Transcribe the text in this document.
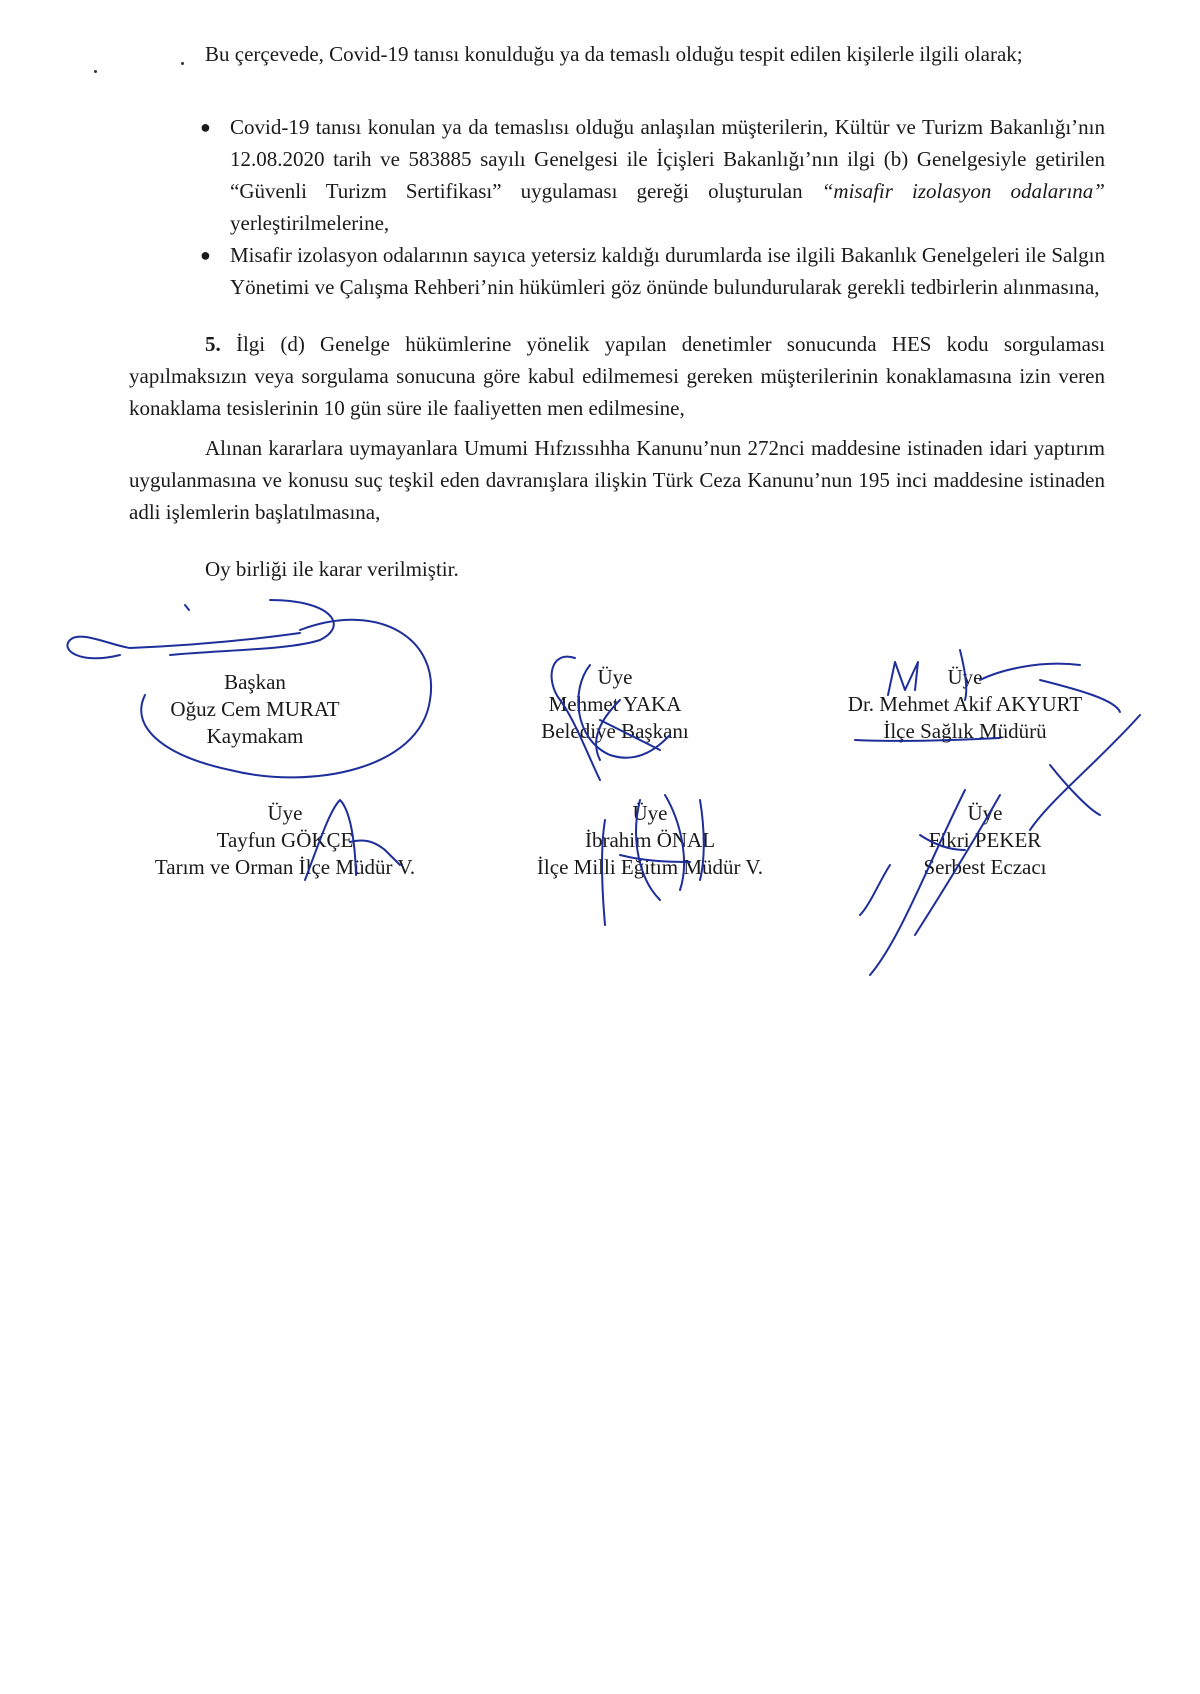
Bu çerçevede, Covid-19 tanısı konulduğu ya da temaslı olduğu tespit edilen kişilerle ilgili olarak;

● Covid-19 tanısı konulan ya da temaslısı olduğu anlaşılan müşterilerin, Kültür ve Turizm Bakanlığı’nın 12.08.2020 tarih ve 583885 sayılı Genelgesi ile İçişleri Bakanlığı’nın ilgi (b) Genelgesiyle getirilen “Güvenli Turizm Sertifikası” uygulaması gereği oluşturulan “misafir izolasyon odalarına” yerleştirilmelerine,
● Misafir izolasyon odalarının sayıca yetersiz kaldığı durumlarda ise ilgili Bakanlık Genelgeleri ile Salgın Yönetimi ve Çalışma Rehberi’nin hükümleri göz önünde bulundurularak gerekli tedbirlerin alınmasına,

5. İlgi (d) Genelge hükümlerine yönelik yapılan denetimler sonucunda HES kodu sorgulaması yapılmaksızın veya sorgulama sonucuna göre kabul edilmemesi gereken müşterilerinin konaklamasına izin veren konaklama tesislerinin 10 gün süre ile faaliyetten men edilmesine,

Alınan kararlara uymayanlara Umumi Hıfzıssıhha Kanunu’nun 272nci maddesine istinaden idari yaptırım uygulanmasına ve konusu suç teşkil eden davranışlara ilişkin Türk Ceza Kanunu’nun 195 inci maddesine istinaden adli işlemlerin başlatılmasına,

Oy birliği ile karar verilmiştir.

Başkan
Oğuz Cem MURAT
Kaymakam
Üye
Mehmet YAKA
Belediye Başkanı
Üye
Dr. Mehmet Akif AKYURT
İlçe Sağlık Müdürü
Üye
Tayfun GÖKÇE
Tarım ve Orman İlçe Müdür V.
Üye
İbrahim ÖNAL
İlçe Milli Eğitim Müdür V.
Üye
Fikri PEKER
Serbest Eczacı
